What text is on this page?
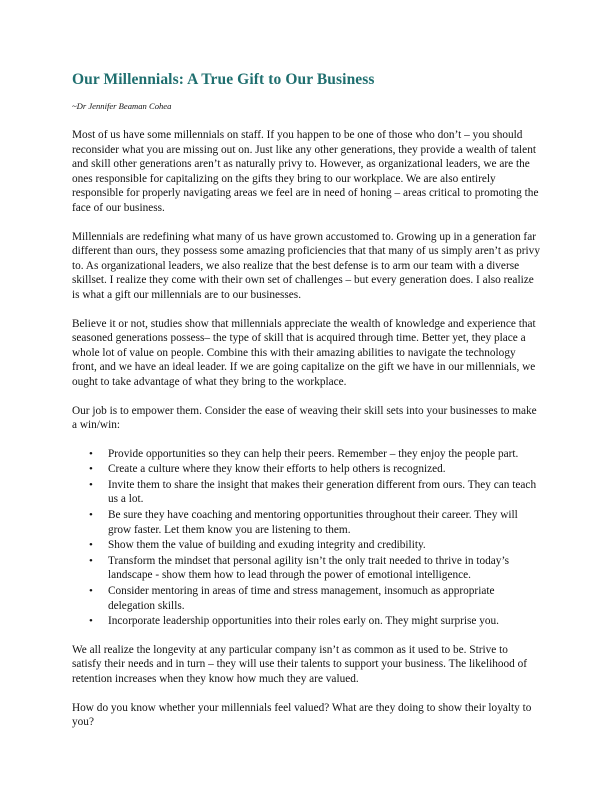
Our Millennials: A True Gift to Our Business
~Dr Jennifer Beaman Cohea

Most of us have some millennials on staff. If you happen to be one of those who don’t – you should reconsider what you are missing out on. Just like any other generations, they provide a wealth of talent and skill other generations aren’t as naturally privy to. However, as organizational leaders, we are the ones responsible for capitalizing on the gifts they bring to our workplace. We are also entirely responsible for properly navigating areas we feel are in need of honing – areas critical to promoting the face of our business.

Millennials are redefining what many of us have grown accustomed to. Growing up in a generation far different than ours, they possess some amazing proficiencies that that many of us simply aren’t as privy to. As organizational leaders, we also realize that the best defense is to arm our team with a diverse skillset. I realize they come with their own set of challenges – but every generation does. I also realize is what a gift our millennials are to our businesses.

Believe it or not, studies show that millennials appreciate the wealth of knowledge and experience that seasoned generations possess– the type of skill that is acquired through time. Better yet, they place a whole lot of value on people. Combine this with their amazing abilities to navigate the technology front, and we have an ideal leader. If we are going capitalize on the gift we have in our millennials, we ought to take advantage of what they bring to the workplace.

Our job is to empower them. Consider the ease of weaving their skill sets into your businesses to make a win/win:

• Provide opportunities so they can help their peers. Remember – they enjoy the people part.
• Create a culture where they know their efforts to help others is recognized.
• Invite them to share the insight that makes their generation different from ours. They can teach us a lot.
• Be sure they have coaching and mentoring opportunities throughout their career. They will grow faster. Let them know you are listening to them.
• Show them the value of building and exuding integrity and credibility.
• Transform the mindset that personal agility isn’t the only trait needed to thrive in today’s landscape - show them how to lead through the power of emotional intelligence.
• Consider mentoring in areas of time and stress management, insomuch as appropriate delegation skills.
• Incorporate leadership opportunities into their roles early on. They might surprise you.

We all realize the longevity at any particular company isn’t as common as it used to be. Strive to satisfy their needs and in turn – they will use their talents to support your business. The likelihood of retention increases when they know how much they are valued.

How do you know whether your millennials feel valued? What are they doing to show their loyalty to you?
